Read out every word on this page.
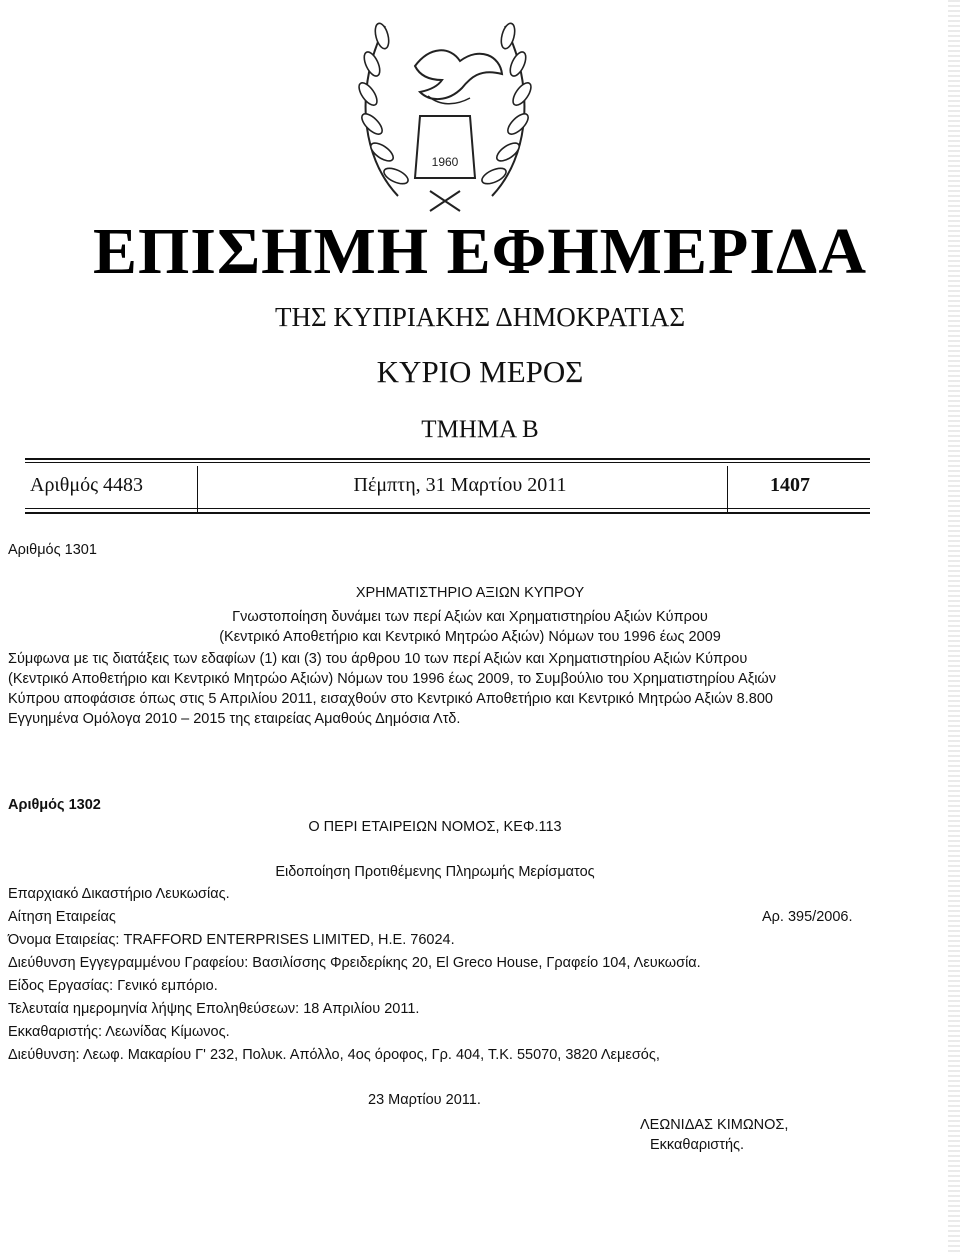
1960
ΕΠΙΣΗΜΗ ΕΦΗΜΕΡΙΔΑ
ΤΗΣ ΚΥΠΡΙΑΚΗΣ ΔΗΜΟΚΡΑΤΙΑΣ
ΚΥΡΙΟ ΜΕΡΟΣ
ΤΜΗΜΑ Β
Αριθμός 4483	Πέμπτη, 31 Μαρτίου 2011	1407
Αριθμός 1301
ΧΡΗΜΑΤΙΣΤΗΡΙΟ ΑΞΙΩΝ ΚΥΠΡΟΥ
Γνωστοποίηση δυνάμει των περί Αξιών και Χρηματιστηρίου Αξιών Κύπρου
(Κεντρικό Αποθετήριο και Κεντρικό Μητρώο Αξιών) Νόμων του 1996 έως 2009
Σύμφωνα με τις διατάξεις των εδαφίων (1) και (3) του άρθρου 10 των περί Αξιών και Χρηματιστηρίου Αξιών Κύπρου
(Κεντρικό Αποθετήριο και Κεντρικό Μητρώο Αξιών) Νόμων του 1996 έως 2009, το Συμβούλιο του Χρηματιστηρίου Αξιών
Κύπρου αποφάσισε όπως στις 5 Απριλίου 2011, εισαχθούν στο Κεντρικό Αποθετήριο και Κεντρικό Μητρώο Αξιών 8.800
Εγγυημένα Ομόλογα 2010 – 2015 της εταιρείας Αμαθούς Δημόσια Λτδ.
Αριθμός 1302
Ο ΠΕΡΙ ΕΤΑΙΡΕΙΩΝ ΝΟΜΟΣ, ΚΕΦ.113
Ειδοποίηση Προτιθέμενης Πληρωμής Μερίσματος
Επαρχιακό Δικαστήριο Λευκωσίας.
Αίτηση Εταιρείας	Αρ. 395/2006.
Όνομα Εταιρείας: TRAFFORD ENTERPRISES LIMITED, H.E. 76024.
Διεύθυνση Εγγεγραμμένου Γραφείου: Βασιλίσσης Φρειδερίκης 20, El Greco House, Γραφείο 104, Λευκωσία.
Είδος Εργασίας: Γενικό εμπόριο.
Τελευταία ημερομηνία λήψης Εποληθεύσεων: 18 Απριλίου 2011.
Εκκαθαριστής: Λεωνίδας Κίμωνος.
Διεύθυνση: Λεωφ. Μακαρίου Γ' 232, Πολυκ. Απόλλο, 4ος όροφος, Γρ. 404, Τ.Κ. 55070, 3820 Λεμεσός,
23 Μαρτίου 2011.
ΛΕΩΝΙΔΑΣ ΚΙΜΩΝΟΣ,
Εκκαθαριστής.
